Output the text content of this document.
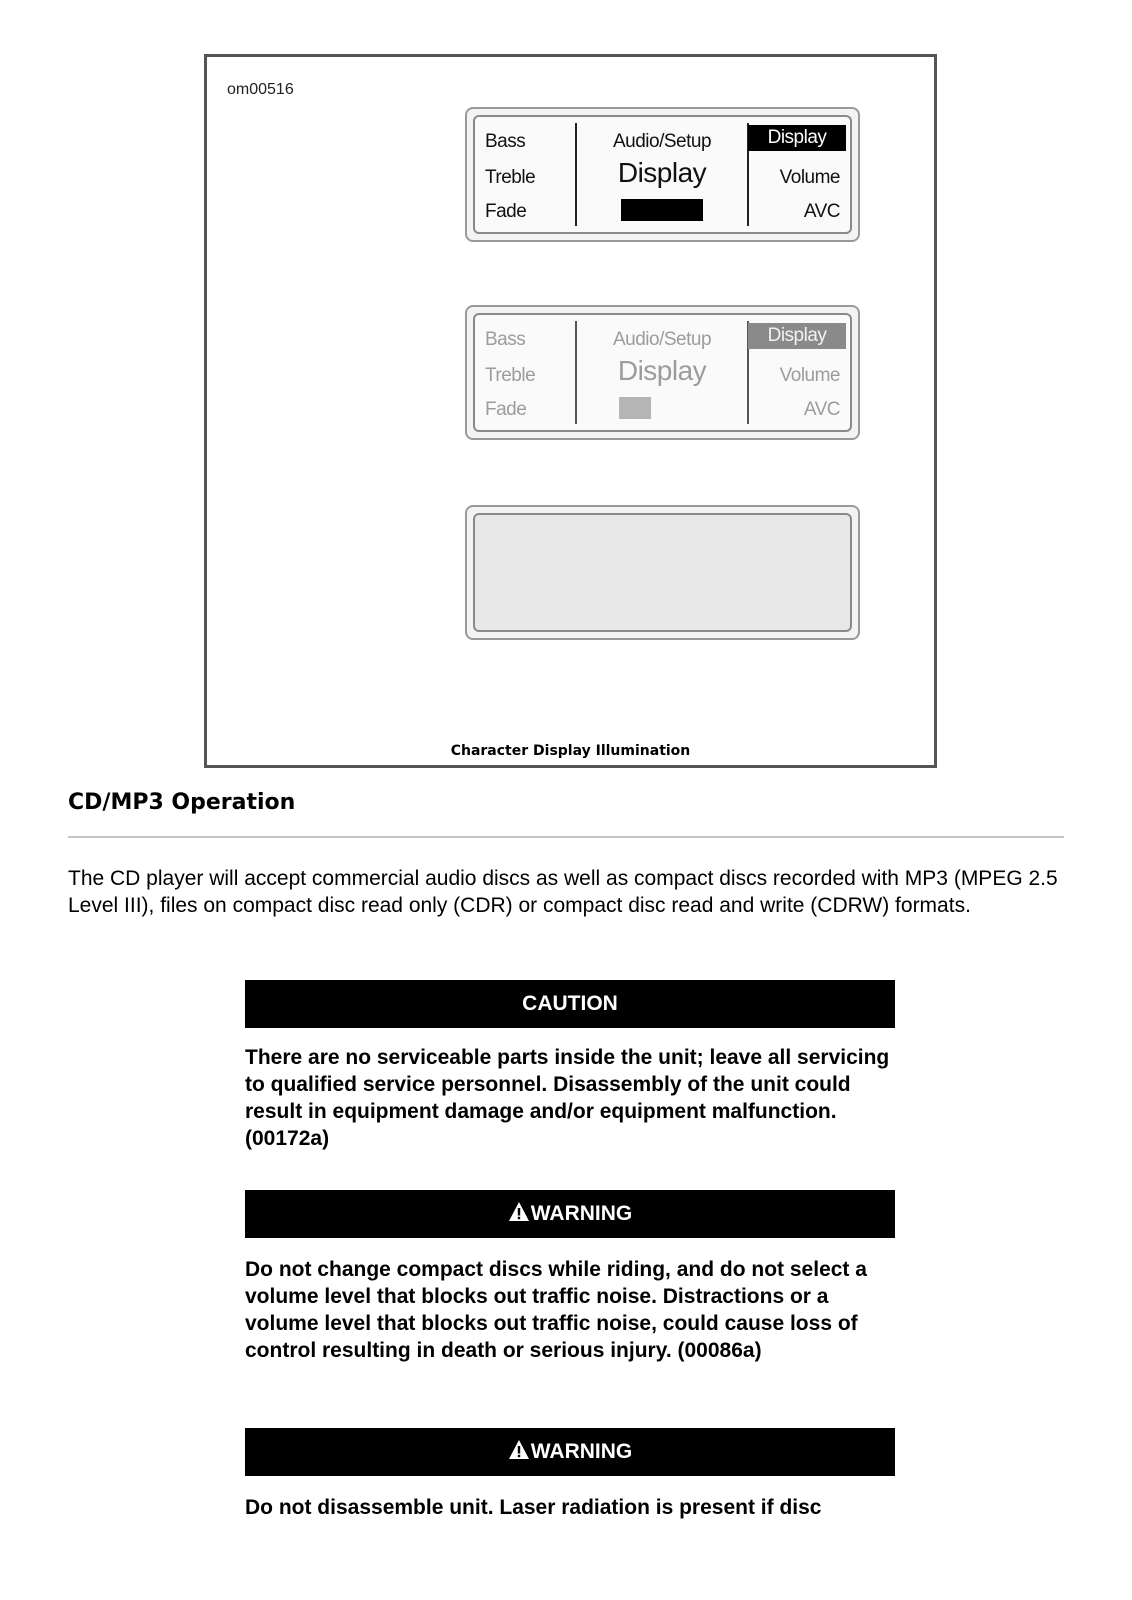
om00516
Bass
Treble
Fade
Audio/Setup
Display
Display
Volume
AVC
Bass
Treble
Fade
Audio/Setup
Display
Display
Volume
AVC
Character Display Illumination
CD/MP3 Operation

The CD player will accept commercial audio discs as well as compact discs recorded with MP3 (MPEG 2.5 Level III), files on compact disc read only (CDR) or compact disc read and write (CDRW) formats.

CAUTION

There are no serviceable parts inside the unit; leave all servicing to qualified service personnel. Disassembly of the unit could result in equipment damage and/or equipment malfunction. (00172a)

WARNING

Do not change compact discs while riding, and do not select a volume level that blocks out traffic noise. Distractions or a volume level that blocks out traffic noise, could cause loss of control resulting in death or serious injury. (00086a)

WARNING

Do not disassemble unit. Laser radiation is present if disc
